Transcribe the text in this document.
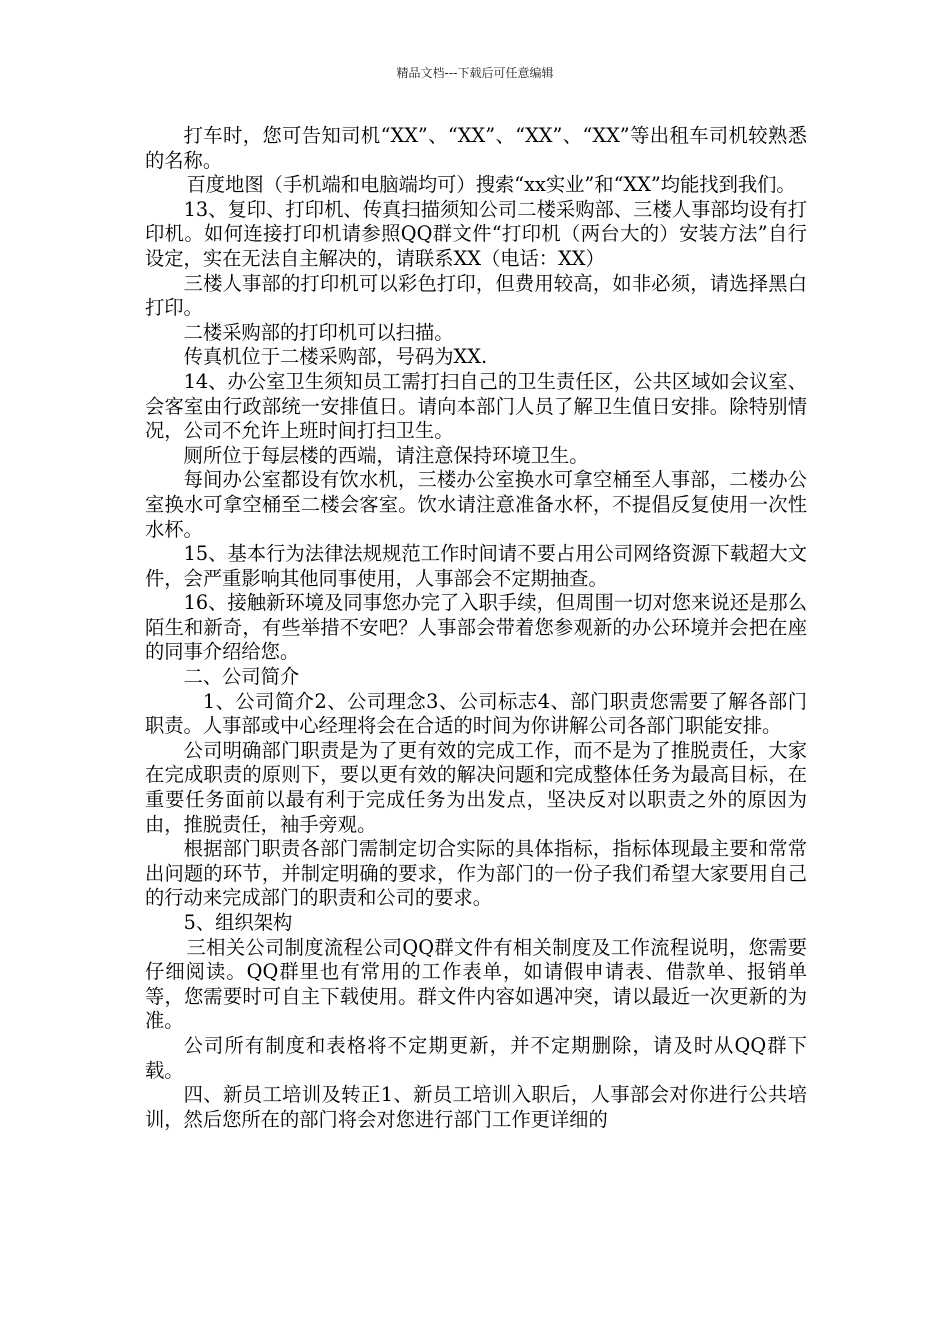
精品文档---下载后可任意编辑

打车时，您可告知司机“XX”、“XX”、“XX”、“XX”等出租车司机较熟悉的名称。

百度地图（手机端和电脑端均可）搜索“xx实业”和“XX”均能找到我们。

13、复印、打印机、传真扫描须知公司二楼采购部、三楼人事部均设有打印机。如何连接打印机请参照QQ群文件“打印机（两台大的）安装方法”自行设定，实在无法自主解决的，请联系XX（电话：XX）

三楼人事部的打印机可以彩色打印，但费用较高，如非必须，请选择黑白打印。

二楼采购部的打印机可以扫描。

传真机位于二楼采购部，号码为XX.

14、办公室卫生须知员工需打扫自己的卫生责任区，公共区域如会议室、会客室由行政部统一安排值日。请向本部门人员了解卫生值日安排。除特别情况，公司不允许上班时间打扫卫生。

厕所位于每层楼的西端，请注意保持环境卫生。

每间办公室都设有饮水机，三楼办公室换水可拿空桶至人事部，二楼办公室换水可拿空桶至二楼会客室。饮水请注意准备水杯，不提倡反复使用一次性水杯。

15、基本行为法律法规规范工作时间请不要占用公司网络资源下载超大文件，会严重影响其他同事使用，人事部会不定期抽查。

16、接触新环境及同事您办完了入职手续，但周围一切对您来说还是那么陌生和新奇，有些举措不安吧？人事部会带着您参观新的办公环境并会把在座的同事介绍给您。

二、公司简介

1、公司简介2、公司理念3、公司标志4、部门职责您需要了解各部门职责。人事部或中心经理将会在合适的时间为你讲解公司各部门职能安排。

公司明确部门职责是为了更有效的完成工作，而不是为了推脱责任，大家在完成职责的原则下，要以更有效的解决问题和完成整体任务为最高目标，在重要任务面前以最有利于完成任务为出发点，坚决反对以职责之外的原因为由，推脱责任，袖手旁观。

根据部门职责各部门需制定切合实际的具体指标，指标体现最主要和常常出问题的环节，并制定明确的要求，作为部门的一份子我们希望大家要用自己的行动来完成部门的职责和公司的要求。

5、组织架构

三相关公司制度流程公司QQ群文件有相关制度及工作流程说明，您需要仔细阅读。QQ群里也有常用的工作表单，如请假申请表、借款单、报销单等，您需要时可自主下载使用。群文件内容如遇冲突，请以最近一次更新的为准。

公司所有制度和表格将不定期更新，并不定期删除，请及时从QQ群下载。

四、新员工培训及转正1、新员工培训入职后，人事部会对你进行公共培训，然后您所在的部门将会对您进行部门工作更详细的
